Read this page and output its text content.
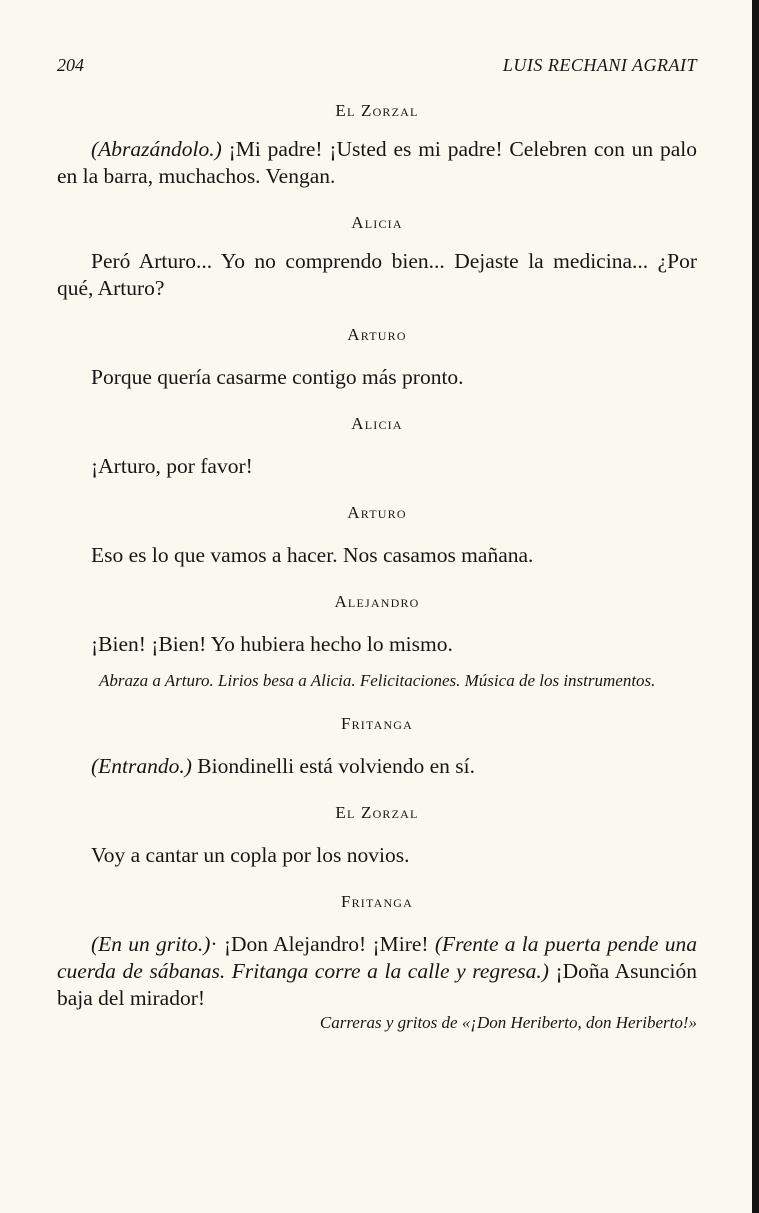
204	LUIS RECHANI AGRAIT

El Zorzal

(Abrazándolo.) ¡Mi padre! ¡Usted es mi padre! Celebren con un palo en la barra, muchachos. Vengan.

Alicia

Peró Arturo... Yo no comprendo bien... Dejaste la medicina... ¿Por qué, Arturo?

Arturo

Porque quería casarme contigo más pronto.

Alicia

¡Arturo, por favor!

Arturo

Eso es lo que vamos a hacer. Nos casamos mañana.

Alejandro

¡Bien! ¡Bien! Yo hubiera hecho lo mismo.

Abraza a Arturo. Lirios besa a Alicia. Felicitaciones. Música de los instrumentos.

Fritanga

(Entrando.) Biondinelli está volviendo en sí.

El Zorzal

Voy a cantar un copla por los novios.

Fritanga

(En un grito.)· ¡Don Alejandro! ¡Mire! (Frente a la puerta pende una cuerda de sábanas. Fritanga corre a la calle y regresa.) ¡Doña Asunción baja del mirador!

Carreras y gritos de «¡Don Heriberto, don Heriberto!»
